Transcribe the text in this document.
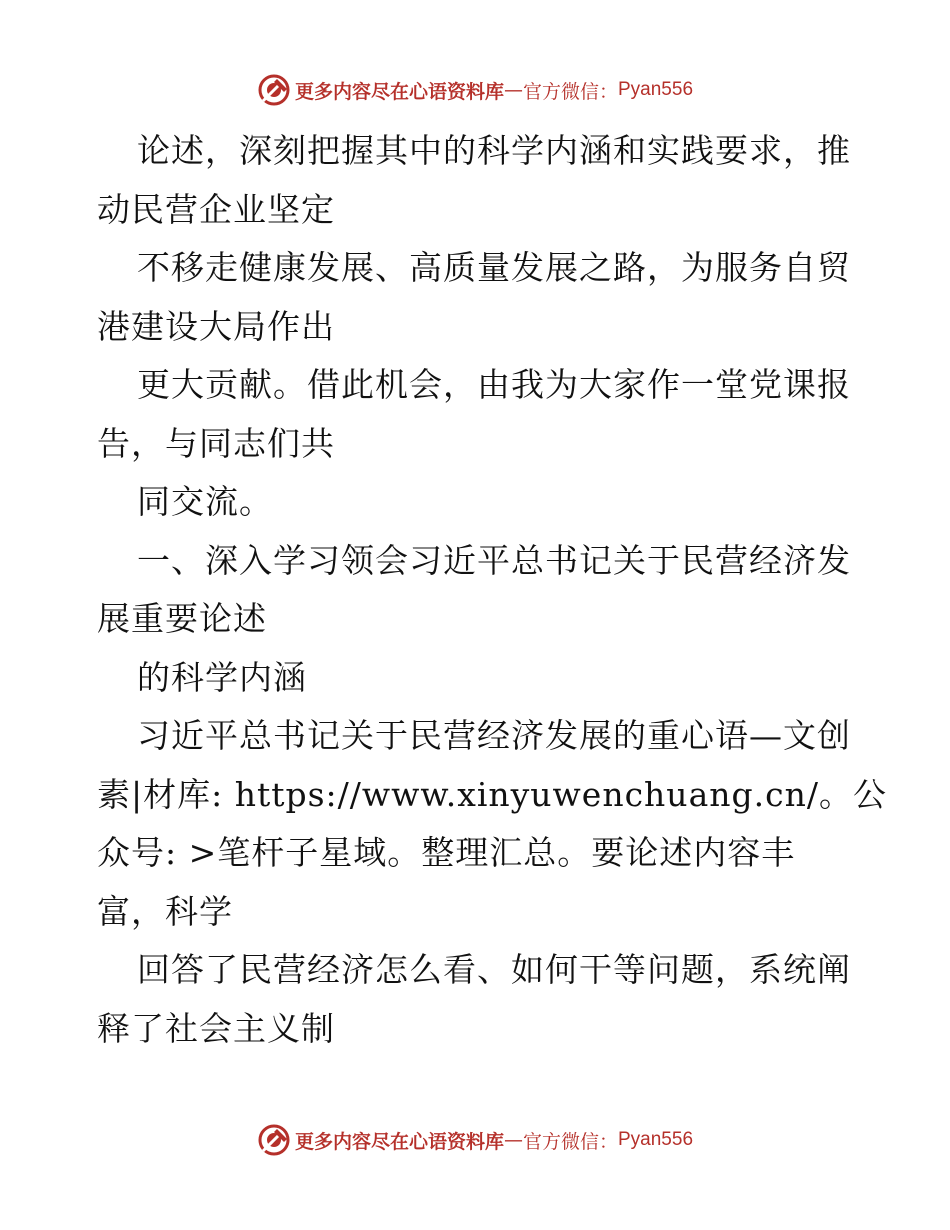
更多内容尽在心语资料库 — 官方微信： Pyan556
论述，深刻把握其中的科学内涵和实践要求，推
动民营企业坚定
不移走健康发展、高质量发展之路，为服务自贸
港建设大局作出
更大贡献。借此机会，由我为大家作一堂党课报
告，与同志们共
同交流。
一、深入学习领会习近平总书记关于民营经济发
展重要论述
的科学内涵
习近平总书记关于民营经济发展的重心语—文创
素|材库: https://www.xinyuwenchuang.cn/。公
众号: >笔杆子星域。整理汇总。要论述内容丰
富，科学
回答了民营经济怎么看、如何干等问题，系统阐
释了社会主义制
更多内容尽在心语资料库 — 官方微信： Pyan556
